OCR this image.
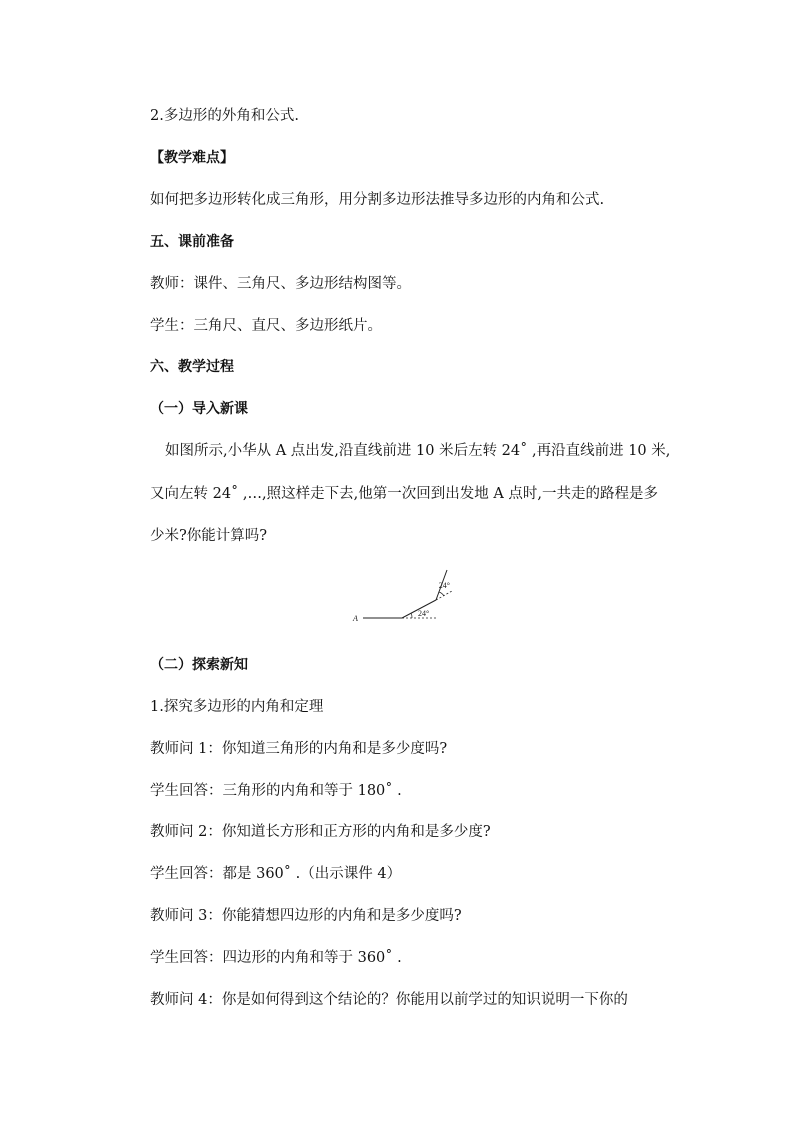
2.多边形的外角和公式.

【教学难点】

如何把多边形转化成三角形，用分割多边形法推导多边形的内角和公式.

五、课前准备

教师：课件、三角尺、多边形结构图等。

学生：三角尺、直尺、多边形纸片。

六、教学过程

（一）导入新课

如图所示,小华从 A 点出发,沿直线前进 10 米后左转 24˚ ,再沿直线前进 10 米,

又向左转 24˚ ,…,照这样走下去,他第一次回到出发地 A 点时,一共走的路程是多

少米?你能计算吗?

A
24°
24°

（二）探索新知

1.探究多边形的内角和定理

教师问 1：你知道三角形的内角和是多少度吗?

学生回答：三角形的内角和等于 180˚ .

教师问 2：你知道长方形和正方形的内角和是多少度?

学生回答：都是 360˚ .（出示课件 4）

教师问 3：你能猜想四边形的内角和是多少度吗?

学生回答：四边形的内角和等于 360˚ .

教师问 4：你是如何得到这个结论的？你能用以前学过的知识说明一下你的
